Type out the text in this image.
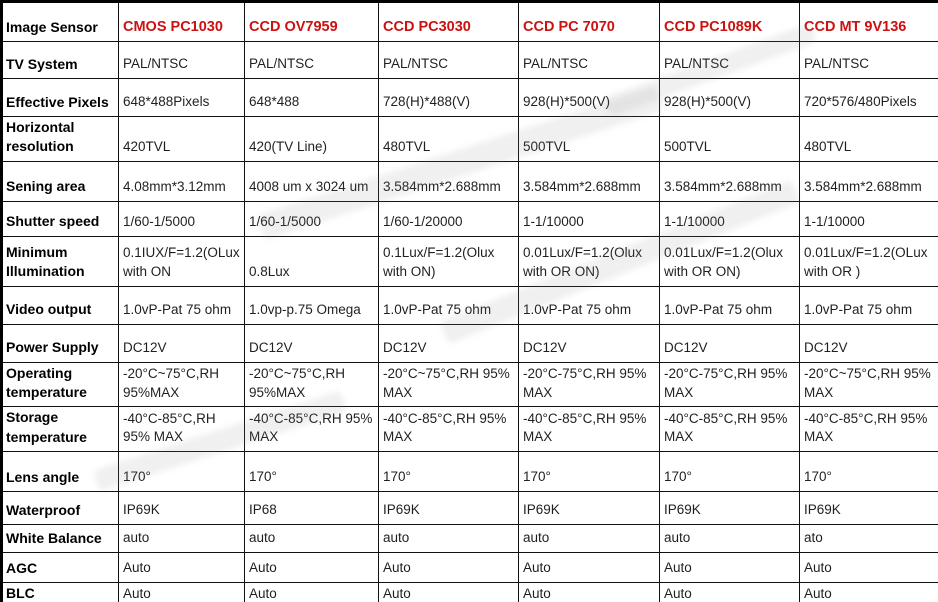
Image Sensor	CMOS PC1030	CCD OV7959	CCD PC3030	CCD PC 7070	CCD PC1089K	CCD MT 9V136
TV System	PAL/NTSC	PAL/NTSC	PAL/NTSC	PAL/NTSC	PAL/NTSC	PAL/NTSC
Effective Pixels	648*488Pixels	648*488	728(H)*488(V)	928(H)*500(V)	928(H)*500(V)	720*576/480Pixels
Horizontal resolution	420TVL	420(TV Line)	480TVL	500TVL	500TVL	480TVL
Sening area	4.08mm*3.12mm	4008 um x 3024 um	3.584mm*2.688mm	3.584mm*2.688mm	3.584mm*2.688mm	3.584mm*2.688mm
Shutter speed	1/60-1/5000	1/60-1/5000	1/60-1/20000	1-1/10000	1-1/10000	1-1/10000
Minimum Illumination	0.1IUX/F=1.2(OLux with ON	0.8Lux	0.1Lux/F=1.2(Olux with ON)	0.01Lux/F=1.2(Olux with OR ON)	0.01Lux/F=1.2(Olux with OR ON)	0.01Lux/F=1.2(OLux with OR )
Video output	1.0vP-Pat 75 ohm	1.0vp-p.75 Omega	1.0vP-Pat 75 ohm	1.0vP-Pat 75 ohm	1.0vP-Pat 75 ohm	1.0vP-Pat 75 ohm
Power Supply	DC12V	DC12V	DC12V	DC12V	DC12V	DC12V
Operating temperature	-20°C~75°C,RH 95%MAX	-20°C~75°C,RH 95%MAX	-20°C~75°C,RH 95% MAX	-20°C-75°C,RH 95% MAX	-20°C-75°C,RH 95% MAX	-20°C~75°C,RH 95% MAX
Storage temperature	-40°C-85°C,RH 95% MAX	-40°C-85°C,RH 95% MAX	-40°C-85°C,RH 95% MAX	-40°C-85°C,RH 95% MAX	-40°C-85°C,RH 95% MAX	-40°C-85°C,RH 95% MAX
Lens angle	170°	170°	170°	170°	170°	170°
Waterproof	IP69K	IP68	IP69K	IP69K	IP69K	IP69K
White Balance	auto	auto	auto	auto	auto	ato
AGC	Auto	Auto	Auto	Auto	Auto	Auto
BLC	Auto	Auto	Auto	Auto	Auto	Auto
